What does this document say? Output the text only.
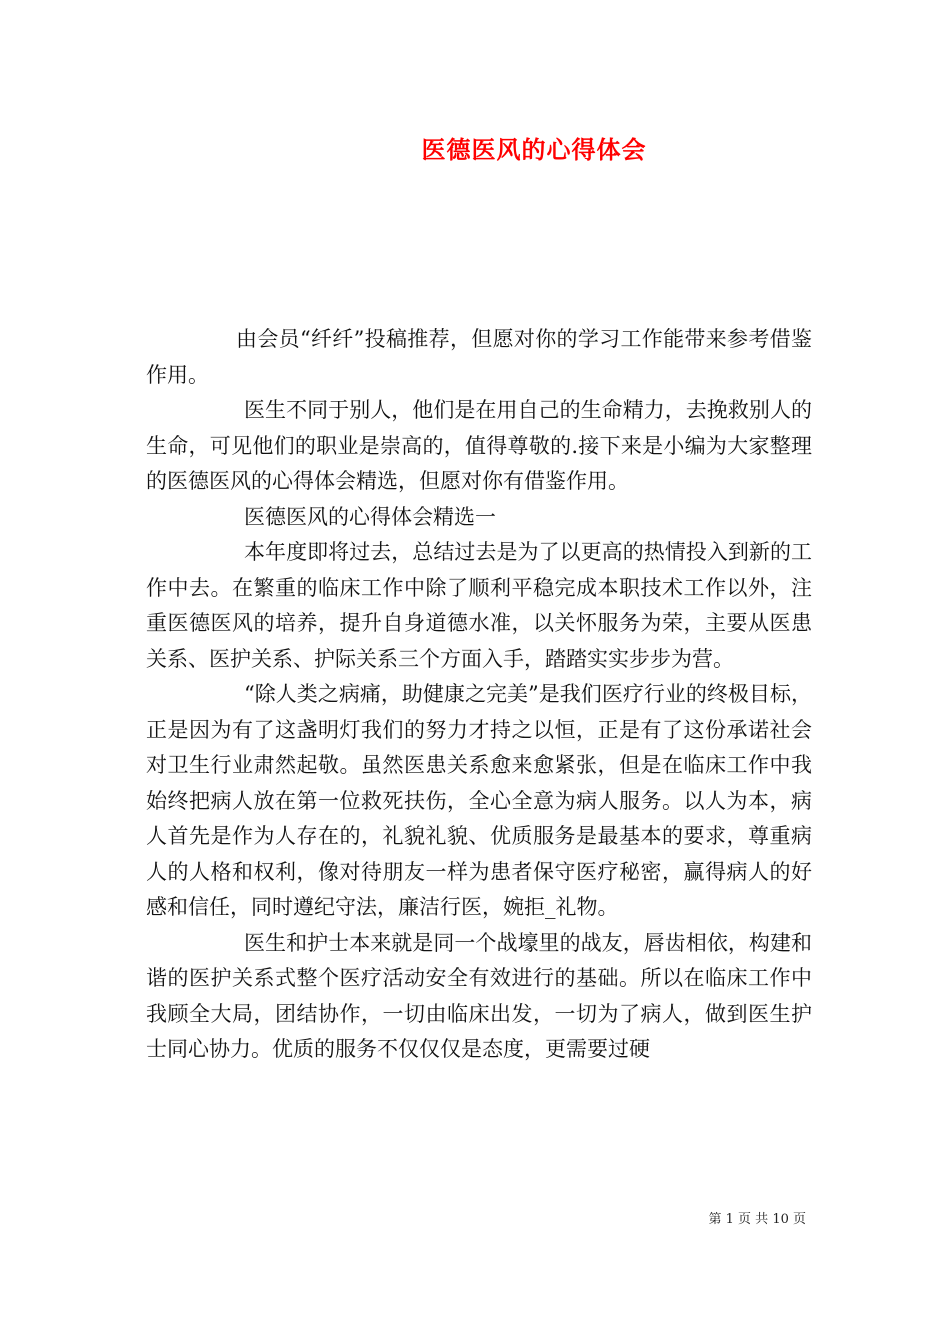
医德医风的心得体会

由会员“纤纤”投稿推荐，但愿对你的学习工作能带来参考借鉴作用。

医生不同于别人，他们是在用自己的生命精力，去挽救别人的生命，可见他们的职业是崇高的，值得尊敬的.接下来是小编为大家整理的医德医风的心得体会精选，但愿对你有借鉴作用。

医德医风的心得体会精选一

本年度即将过去，总结过去是为了以更高的热情投入到新的工作中去。在繁重的临床工作中除了顺利平稳完成本职技术工作以外，注重医德医风的培养，提升自身道德水准，以关怀服务为荣，主要从医患关系、医护关系、护际关系三个方面入手，踏踏实实步步为营。

“除人类之病痛，助健康之完美”是我们医疗行业的终极目标，正是因为有了这盏明灯我们的努力才持之以恒，正是有了这份承诺社会对卫生行业肃然起敬。虽然医患关系愈来愈紧张，但是在临床工作中我始终把病人放在第一位救死扶伤，全心全意为病人服务。以人为本，病人首先是作为人存在的，礼貌礼貌、优质服务是最基本的要求，尊重病人的人格和权利，像对待朋友一样为患者保守医疗秘密，赢得病人的好感和信任，同时遵纪守法，廉洁行医，婉拒_礼物。

医生和护士本来就是同一个战壕里的战友，唇齿相依，构建和谐的医护关系式整个医疗活动安全有效进行的基础。所以在临床工作中我顾全大局，团结协作，一切由临床出发，一切为了病人，做到医生护士同心协力。优质的服务不仅仅仅是态度，更需要过硬

第 1 页 共 10 页
